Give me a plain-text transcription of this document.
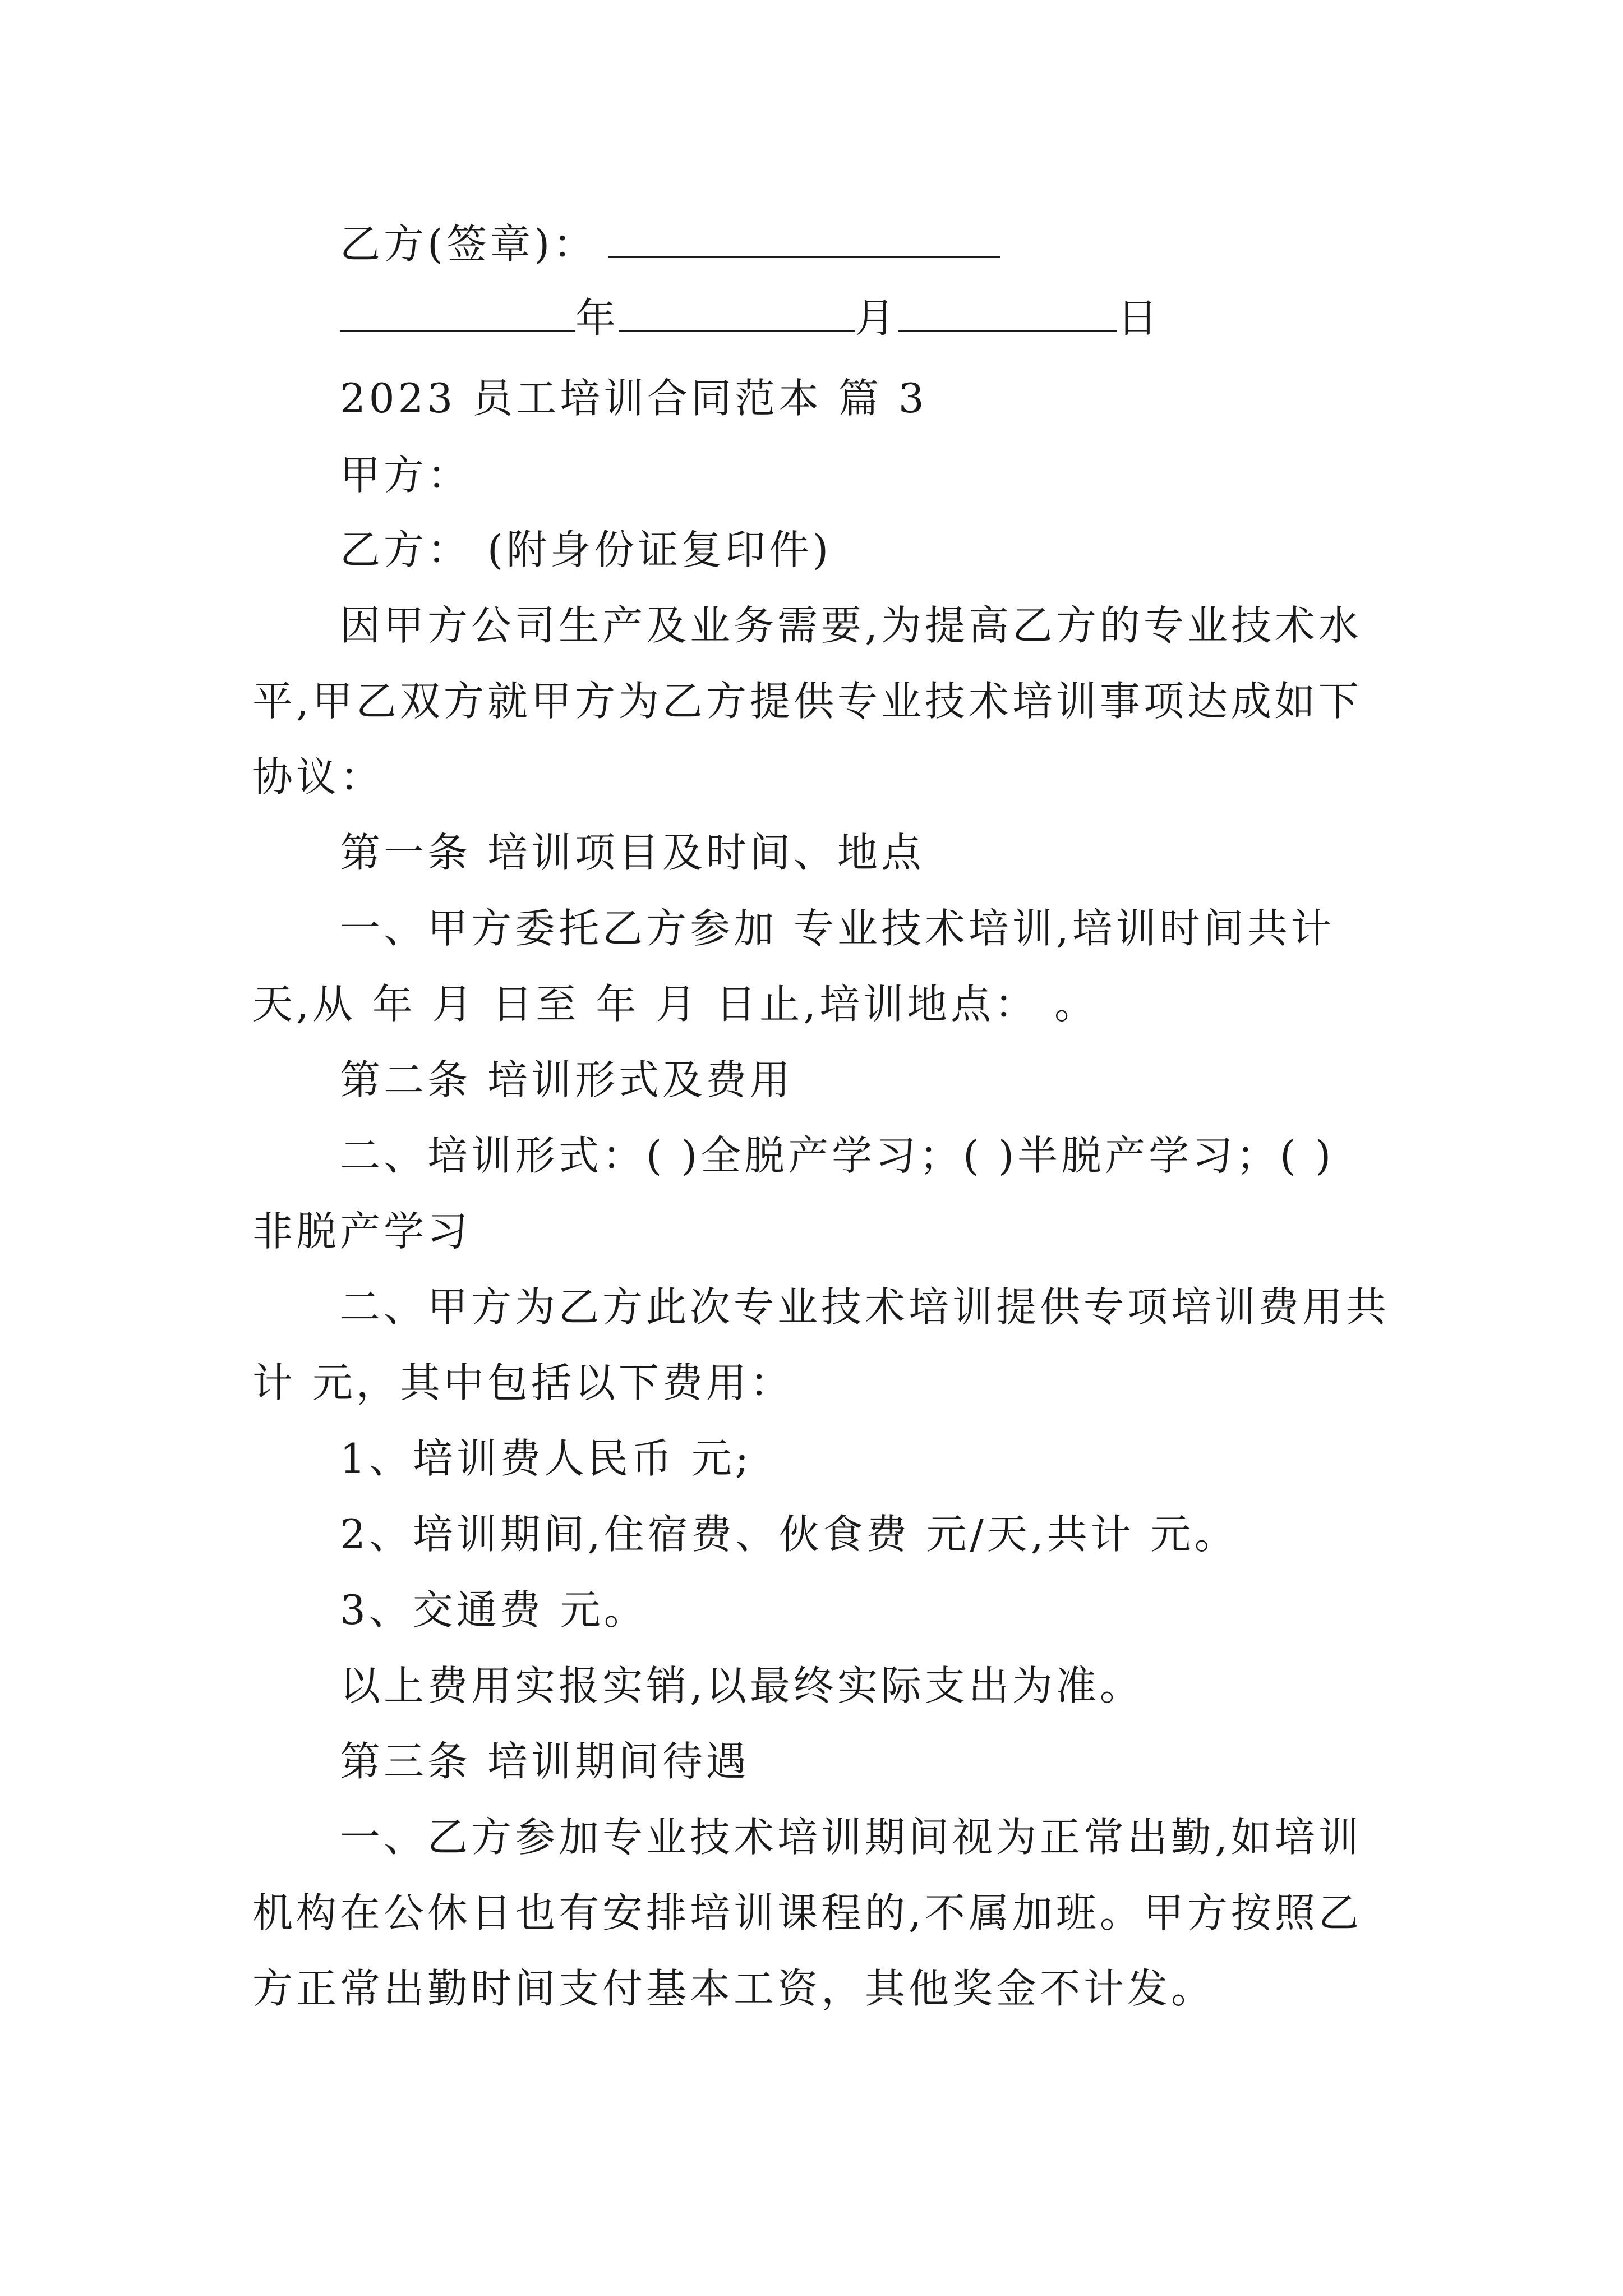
乙方(签章)：
年	月	日
2023 员工培训合同范本 篇 3
甲方：
乙方： (附身份证复印件)
因甲方公司生产及业务需要,为提高乙方的专业技术水
平,甲乙双方就甲方为乙方提供专业技术培训事项达成如下
协议：
第一条 培训项目及时间、地点
一、甲方委托乙方参加 专业技术培训,培训时间共计
天,从 年 月 日至 年 月 日止,培训地点： 。
第二条 培训形式及费用
二、培训形式：( )全脱产学习；( )半脱产学习；( )
非脱产学习
二、甲方为乙方此次专业技术培训提供专项培训费用共
计 元，其中包括以下费用：
1、培训费人民币 元;
2、培训期间,住宿费、伙食费 元/天,共计 元。
3、交通费 元。
以上费用实报实销,以最终实际支出为准。
第三条 培训期间待遇
一、乙方参加专业技术培训期间视为正常出勤,如培训
机构在公休日也有安排培训课程的,不属加班。甲方按照乙
方正常出勤时间支付基本工资，其他奖金不计发。
